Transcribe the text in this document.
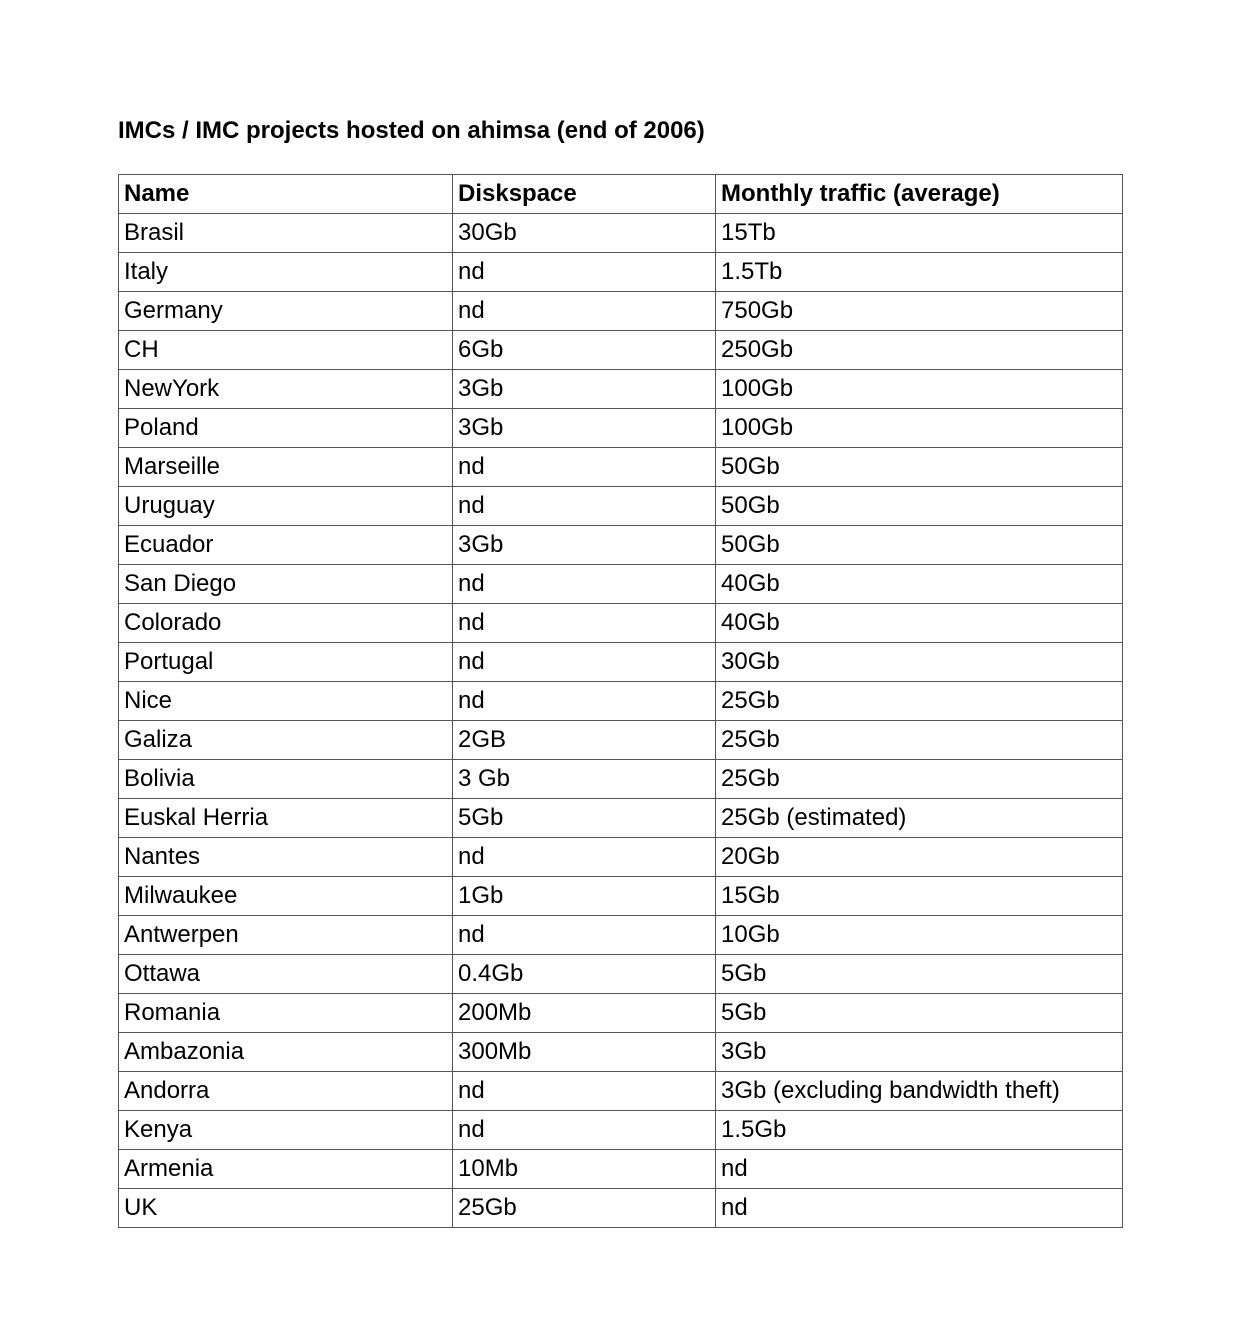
IMCs / IMC projects hosted on ahimsa (end of 2006)
Name	Diskspace	Monthly traffic (average)
Brasil	30Gb	15Tb
Italy	nd	1.5Tb
Germany	nd	750Gb
CH	6Gb	250Gb
NewYork	3Gb	100Gb
Poland	3Gb	100Gb
Marseille	nd	50Gb
Uruguay	nd	50Gb
Ecuador	3Gb	50Gb
San Diego	nd	40Gb
Colorado	nd	40Gb
Portugal	nd	30Gb
Nice	nd	25Gb
Galiza	2GB	25Gb
Bolivia	3 Gb	25Gb
Euskal Herria	5Gb	25Gb (estimated)
Nantes	nd	20Gb
Milwaukee	1Gb	15Gb
Antwerpen	nd	10Gb
Ottawa	0.4Gb	5Gb
Romania	200Mb	5Gb
Ambazonia	300Mb	3Gb
Andorra	nd	3Gb (excluding bandwidth theft)
Kenya	nd	1.5Gb
Armenia	10Mb	nd
UK	25Gb	nd
